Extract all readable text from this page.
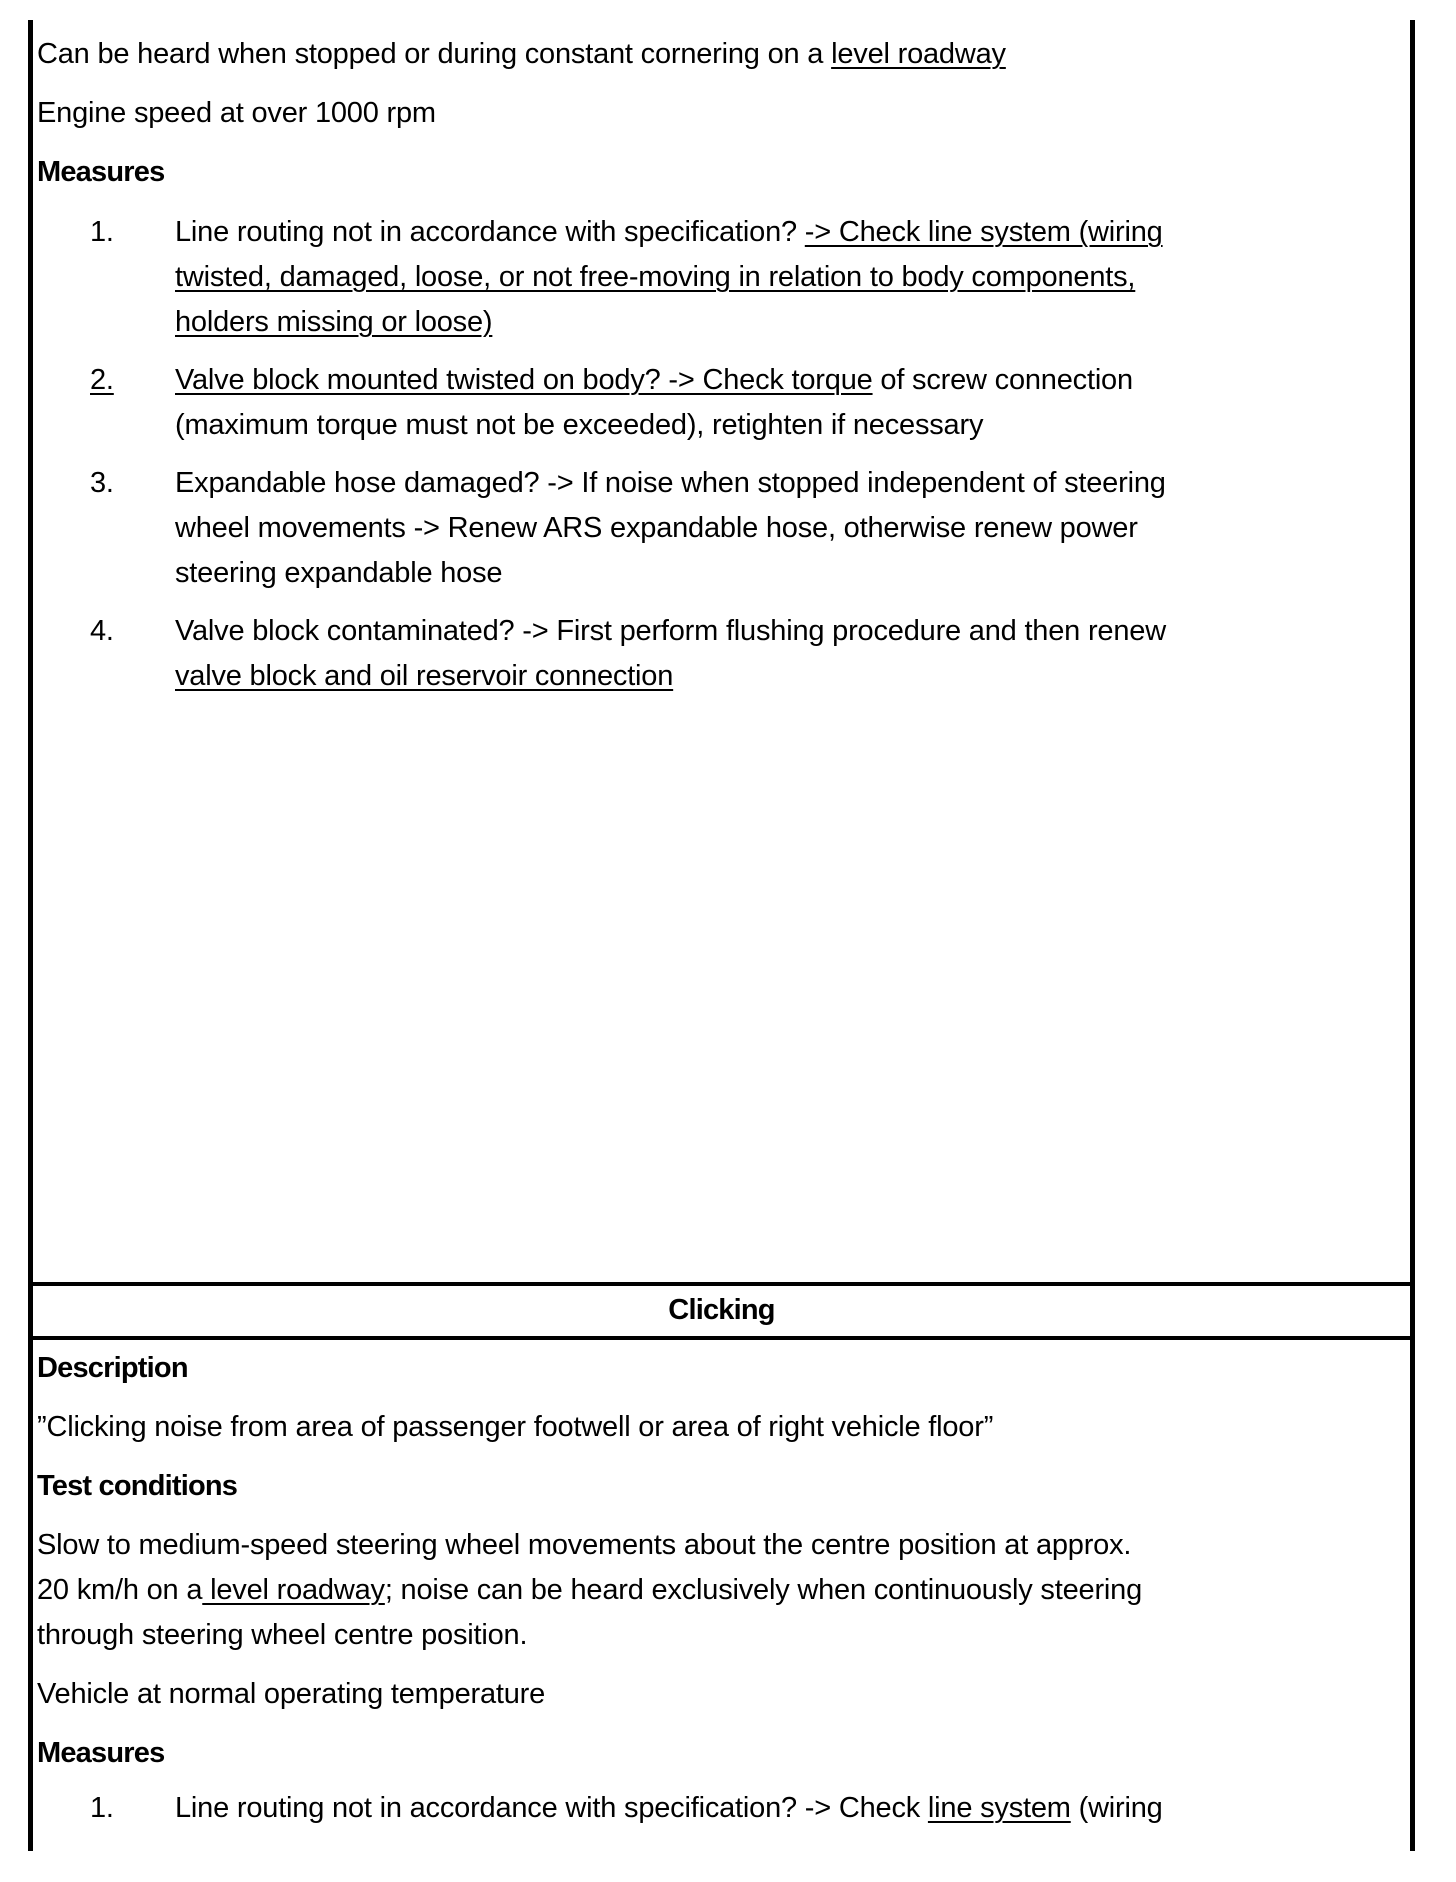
Can be heard when stopped or during constant cornering on a level roadway
Engine speed at over 1000 rpm
Measures
1. Line routing not in accordance with specification? -> Check line system (wiring
twisted, damaged, loose, or not free-moving in relation to body components,
holders missing or loose)
2. Valve block mounted twisted on body? -> Check torque of screw connection
(maximum torque must not be exceeded), retighten if necessary
3. Expandable hose damaged? -> If noise when stopped independent of steering
wheel movements -> Renew ARS expandable hose, otherwise renew power
steering expandable hose
4. Valve block contaminated? -> First perform flushing procedure and then renew
valve block and oil reservoir connection
Clicking
Description
”Clicking noise from area of passenger footwell or area of right vehicle floor”
Test conditions
Slow to medium-speed steering wheel movements about the centre position at approx.
20 km/h on a level roadway; noise can be heard exclusively when continuously steering
through steering wheel centre position.
Vehicle at normal operating temperature
Measures
1. Line routing not in accordance with specification? -> Check line system (wiring
